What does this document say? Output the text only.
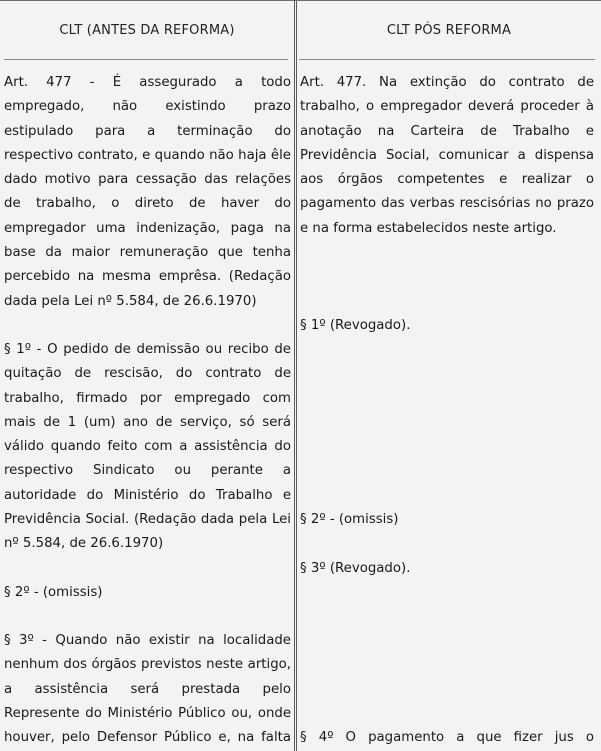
CLT (ANTES DA REFORMA)
Art. 477 - É assegurado a todo empregado, não existindo prazo estipulado para a terminação do respectivo contrato, e quando não haja êle dado motivo para cessação das relações de trabalho, o direto de haver do empregador uma indenização, paga na base da maior remuneração que tenha percebido na mesma emprêsa. (Redação dada pela Lei nº 5.584, de 26.6.1970)
§ 1º - O pedido de demissão ou recibo de quitação de rescisão, do contrato de trabalho, firmado por empregado com mais de 1 (um) ano de serviço, só será válido quando feito com a assistência do respectivo Sindicato ou perante a autoridade do Ministério do Trabalho e Previdência Social. (Redação dada pela Lei nº 5.584, de 26.6.1970)
§ 2º - (omissis)
§ 3º - Quando não existir na localidade nenhum dos órgãos previstos neste artigo, a assistência será prestada pelo Represente do Ministério Público ou, onde houver, pelo Defensor Público e, na falta
CLT PÓS REFORMA
Art. 477. Na extinção do contrato de trabalho, o empregador deverá proceder à anotação na Carteira de Trabalho e Previdência Social, comunicar a dispensa aos órgãos competentes e realizar o pagamento das verbas rescisórias no prazo e na forma estabelecidos neste artigo.
§ 1º (Revogado).
§ 2º - (omissis)
§ 3º (Revogado).
§ 4º O pagamento a que fizer jus o
